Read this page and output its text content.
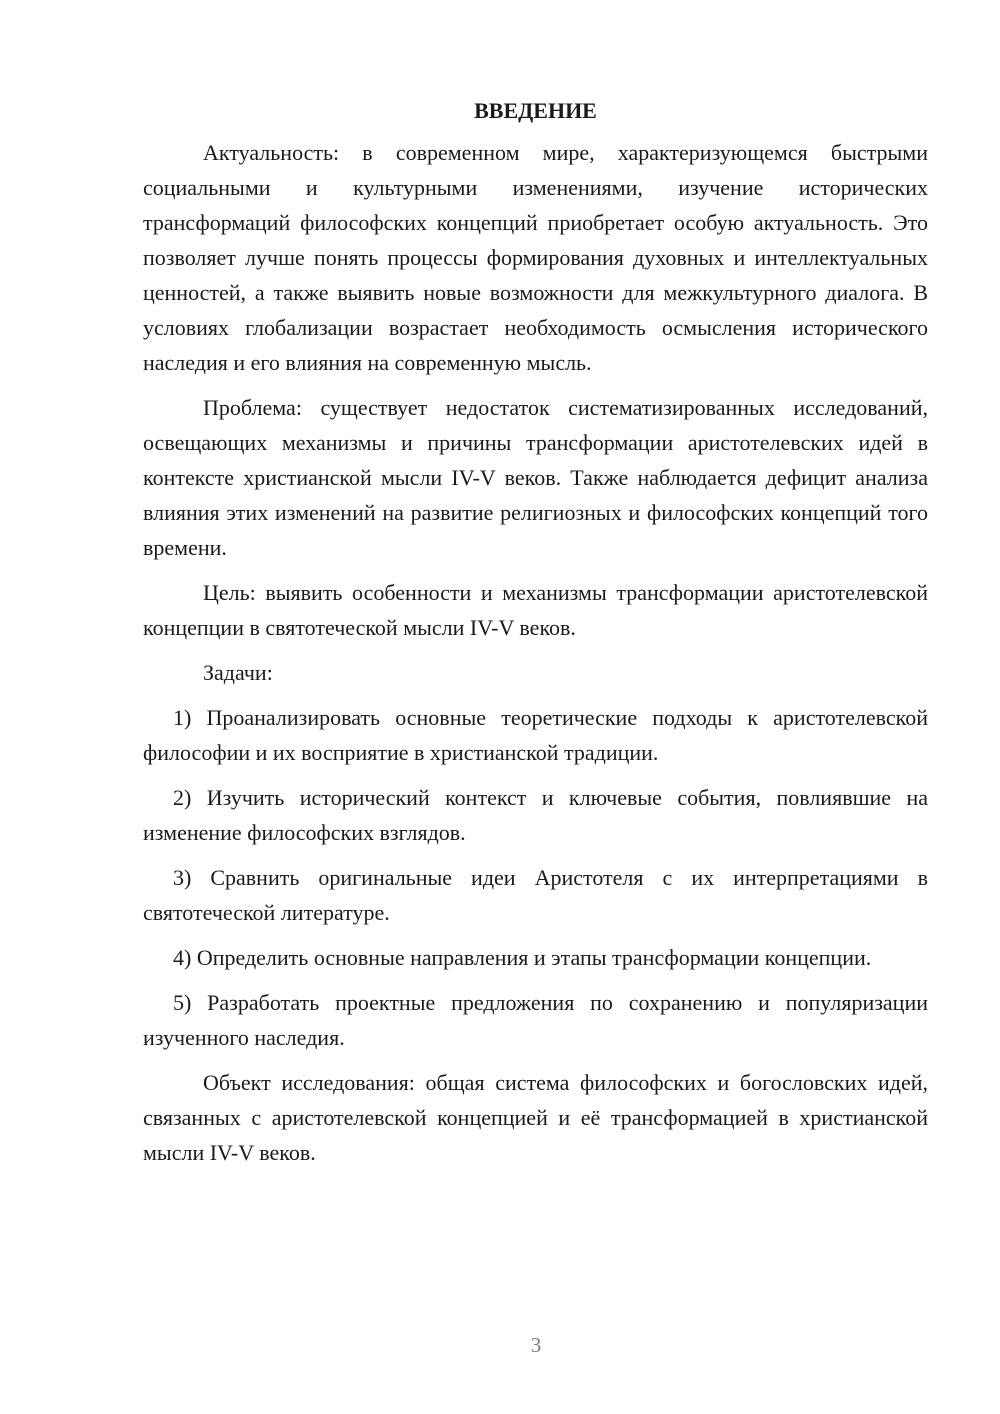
ВВЕДЕНИЕ

Актуальность: в современном мире, характеризующемся быстрыми социальными и культурными изменениями, изучение исторических трансформаций философских концепций приобретает особую актуальность. Это позволяет лучше понять процессы формирования духовных и интеллектуальных ценностей, а также выявить новые возможности для межкультурного диалога. В условиях глобализации возрастает необходимость осмысления исторического наследия и его влияния на современную мысль.

Проблема: существует недостаток систематизированных исследований, освещающих механизмы и причины трансформации аристотелевских идей в контексте христианской мысли IV-V веков. Также наблюдается дефицит анализа влияния этих изменений на развитие религиозных и философских концепций того времени.

Цель: выявить особенности и механизмы трансформации аристотелевской концепции в святотеческой мысли IV-V веков.

Задачи:

1) Проанализировать основные теоретические подходы к аристотелевской философии и их восприятие в христианской традиции.

2) Изучить исторический контекст и ключевые события, повлиявшие на изменение философских взглядов.

3) Сравнить оригинальные идеи Аристотеля с их интерпретациями в святотеческой литературе.

4) Определить основные направления и этапы трансформации концепции.

5) Разработать проектные предложения по сохранению и популяризации изученного наследия.

Объект исследования: общая система философских и богословских идей, связанных с аристотелевской концепцией и её трансформацией в христианской мысли IV-V веков.

3
